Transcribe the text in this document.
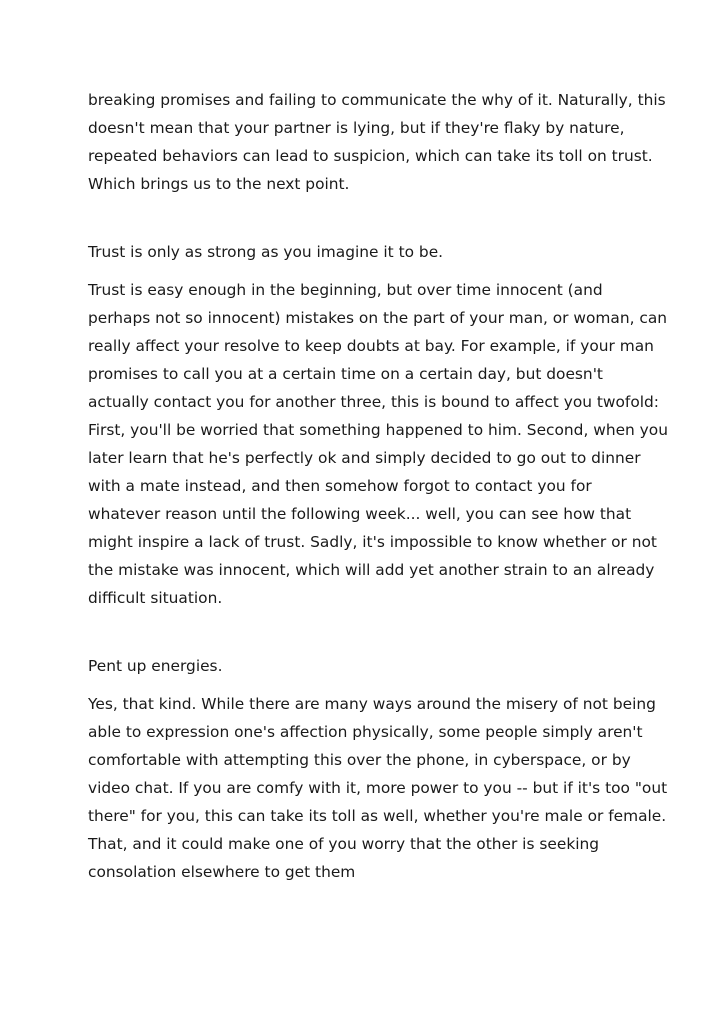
breaking promises and failing to communicate the why of it. Naturally, this doesn't mean that your partner is lying, but if they're flaky by nature, repeated behaviors can lead to suspicion, which can take its toll on trust. Which brings us to the next point.

Trust is only as strong as you imagine it to be.

Trust is easy enough in the beginning, but over time innocent (and perhaps not so innocent) mistakes on the part of your man, or woman, can really affect your resolve to keep doubts at bay. For example, if your man promises to call you at a certain time on a certain day, but doesn't actually contact you for another three, this is bound to affect you twofold: First, you'll be worried that something happened to him. Second, when you later learn that he's perfectly ok and simply decided to go out to dinner with a mate instead, and then somehow forgot to contact you for whatever reason until the following week... well, you can see how that might inspire a lack of trust. Sadly, it's impossible to know whether or not the mistake was innocent, which will add yet another strain to an already difficult situation.

Pent up energies.

Yes, that kind. While there are many ways around the misery of not being able to expression one's affection physically, some people simply aren't comfortable with attempting this over the phone, in cyberspace, or by video chat. If you are comfy with it, more power to you -- but if it's too "out there" for you, this can take its toll as well, whether you're male or female. That, and it could make one of you worry that the other is seeking consolation elsewhere to get them
